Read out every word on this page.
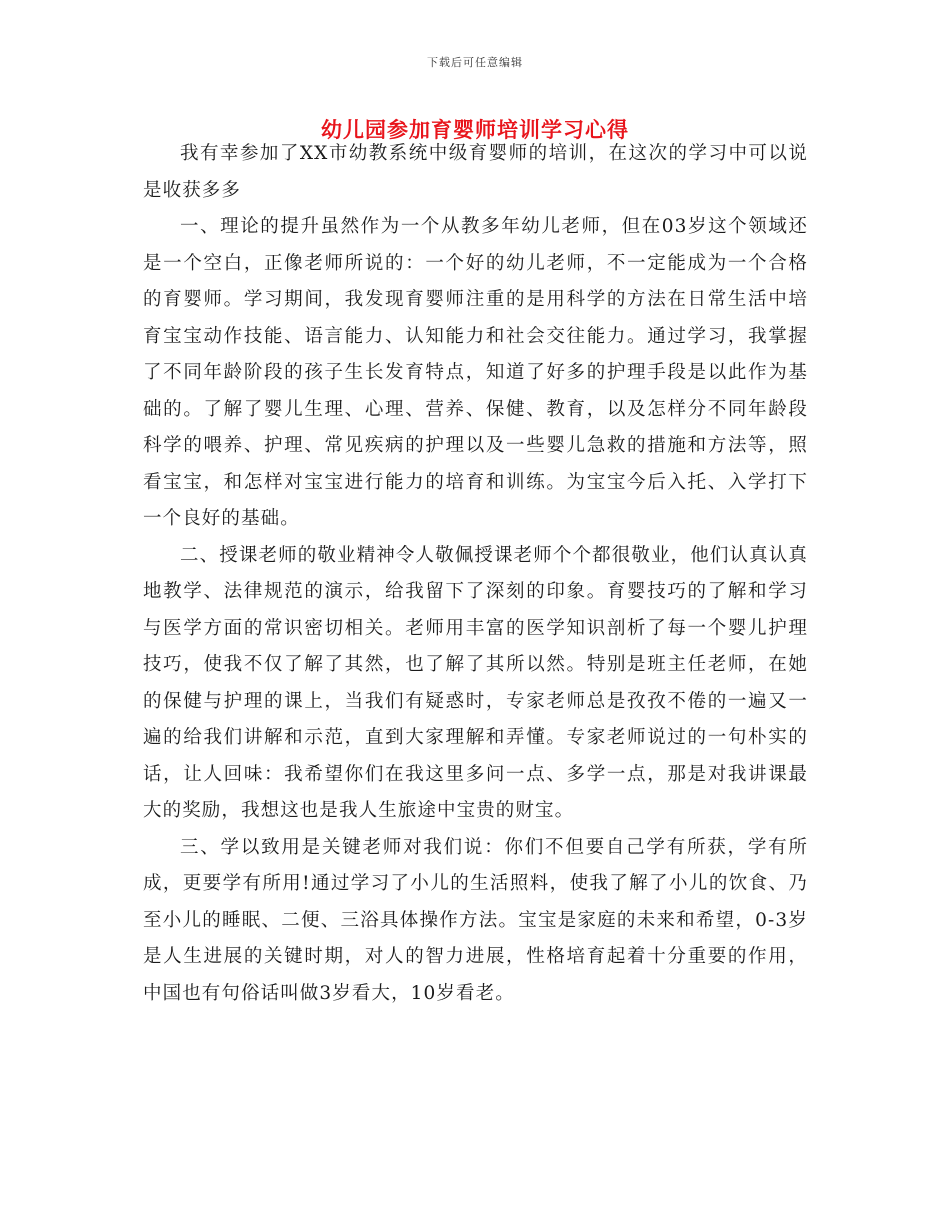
下载后可任意编辑
幼儿园参加育婴师培训学习心得

我有幸参加了XX市幼教系统中级育婴师的培训，在这次的学习中可以说是收获多多

一、理论的提升虽然作为一个从教多年幼儿老师，但在03岁这个领域还是一个空白，正像老师所说的：一个好的幼儿老师，不一定能成为一个合格的育婴师。学习期间，我发现育婴师注重的是用科学的方法在日常生活中培育宝宝动作技能、语言能力、认知能力和社会交往能力。通过学习，我掌握了不同年龄阶段的孩子生长发育特点，知道了好多的护理手段是以此作为基础的。了解了婴儿生理、心理、营养、保健、教育，以及怎样分不同年龄段科学的喂养、护理、常见疾病的护理以及一些婴儿急救的措施和方法等，照看宝宝，和怎样对宝宝进行能力的培育和训练。为宝宝今后入托、入学打下一个良好的基础。

二、授课老师的敬业精神令人敬佩授课老师个个都很敬业，他们认真认真地教学、法律规范的演示，给我留下了深刻的印象。育婴技巧的了解和学习与医学方面的常识密切相关。老师用丰富的医学知识剖析了每一个婴儿护理技巧，使我不仅了解了其然，也了解了其所以然。特别是班主任老师，在她的保健与护理的课上，当我们有疑惑时，专家老师总是孜孜不倦的一遍又一遍的给我们讲解和示范，直到大家理解和弄懂。专家老师说过的一句朴实的话，让人回味：我希望你们在我这里多问一点、多学一点，那是对我讲课最大的奖励，我想这也是我人生旅途中宝贵的财宝。

三、学以致用是关键老师对我们说：你们不但要自己学有所获，学有所成，更要学有所用!通过学习了小儿的生活照料，使我了解了小儿的饮食、乃至小儿的睡眠、二便、三浴具体操作方法。宝宝是家庭的未来和希望，0-3岁是人生进展的关键时期，对人的智力进展，性格培育起着十分重要的作用，中国也有句俗话叫做3岁看大，10岁看老。
